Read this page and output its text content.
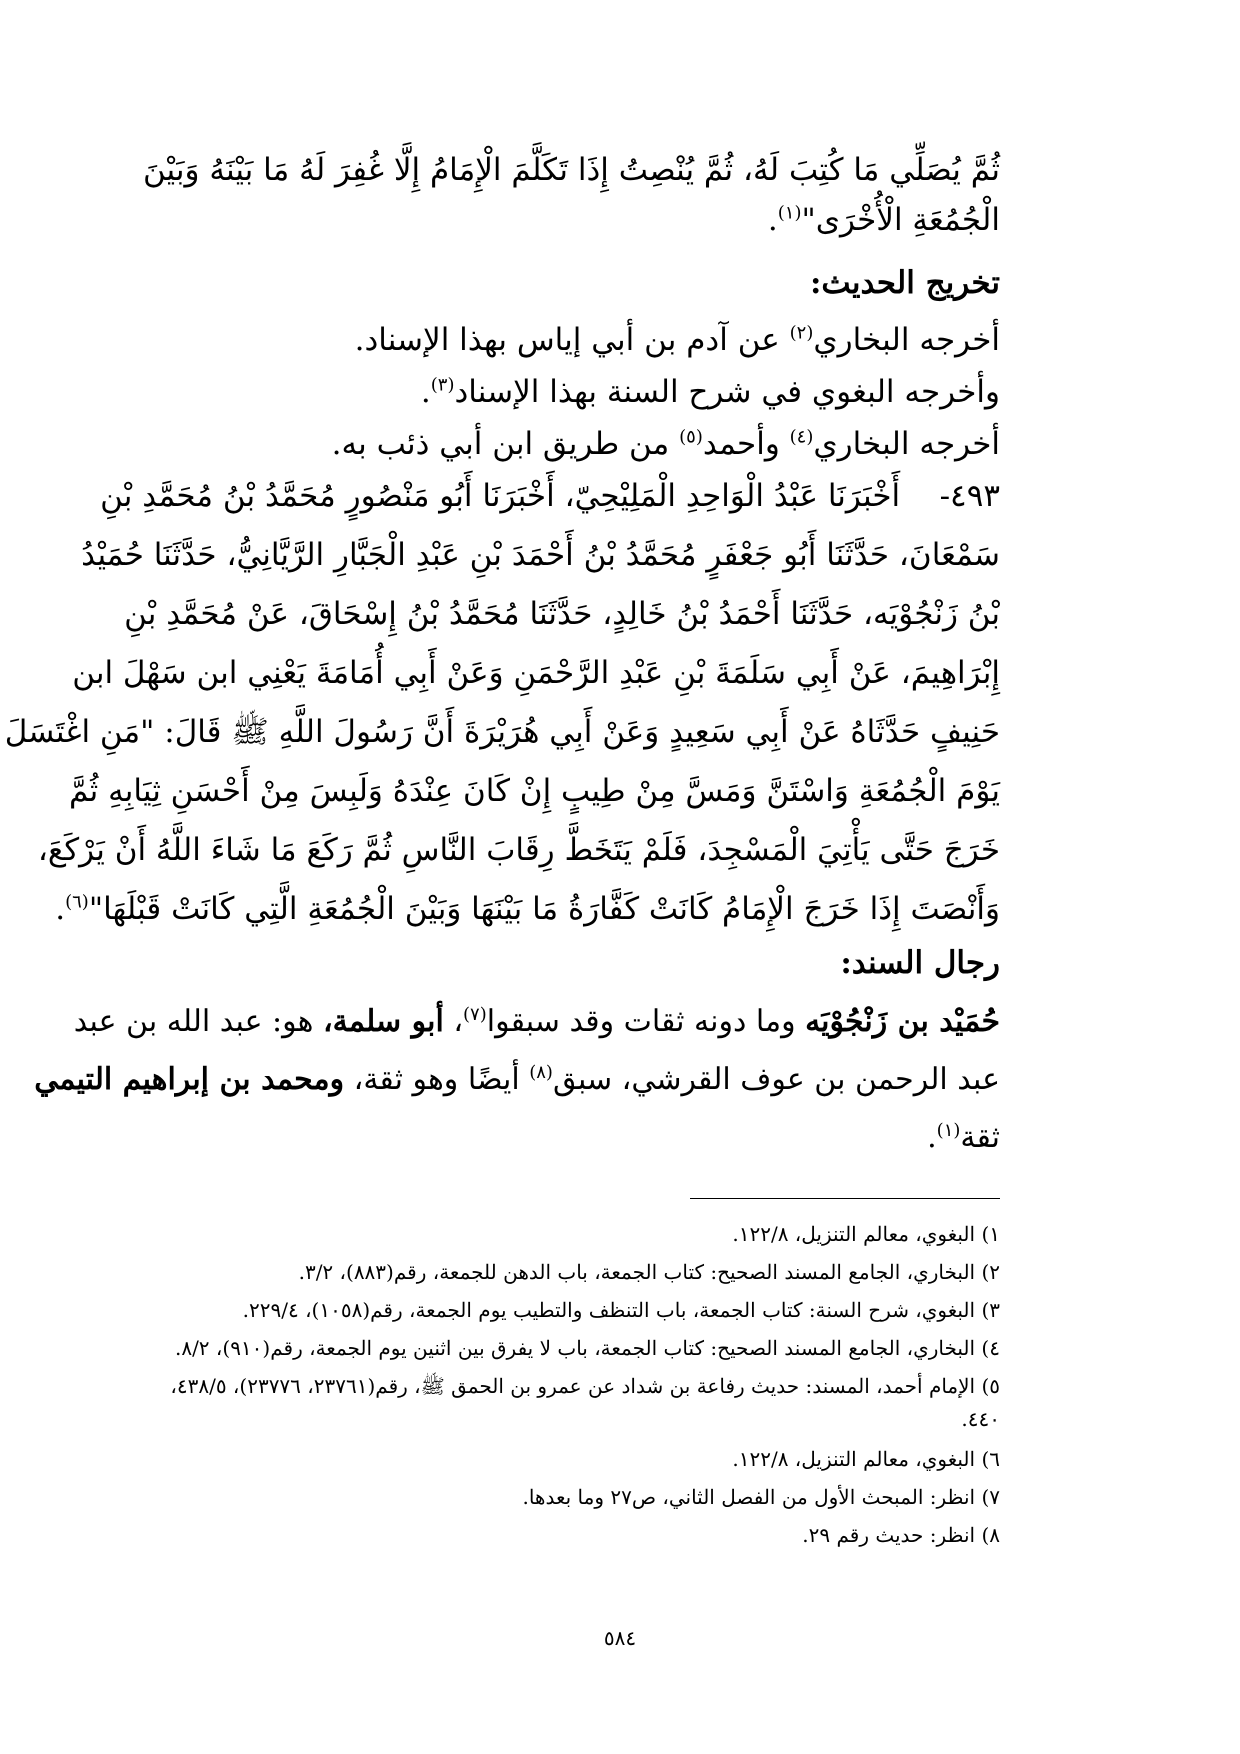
ثُمَّ يُصَلِّي مَا كُتِبَ لَهُ، ثُمَّ يُنْصِتُ إِذَا تَكَلَّمَ الْإِمَامُ إِلَّا غُفِرَ لَهُ مَا بَيْنَهُ وَبَيْنَ
الْجُمُعَةِ الْأُخْرَى"$^{(١)}$.
تخريج الحديث:
أخرجه البخاري$^{(٢)}$ عن آدم بن أبي إياس بهذا الإسناد.
وأخرجه البغوي في شرح السنة بهذا الإسناد$^{(٣)}$.
أخرجه البخاري$^{(٤)}$ وأحمد$^{(٥)}$ من طريق ابن أبي ذئب به.
٤٩٣-    أَخْبَرَنَا عَبْدُ الْوَاحِدِ الْمَلِيْحِيّ، أَخْبَرَنَا أَبُو مَنْصُورٍ مُحَمَّدُ بْنُ مُحَمَّدِ بْنِ
سَمْعَانَ، حَدَّثَنَا أَبُو جَعْفَرٍ مُحَمَّدُ بْنُ أَحْمَدَ بْنِ عَبْدِ الْجَبَّارِ الرَّيَّانِيُّ، حَدَّثَنَا حُمَيْدُ
بْنُ زَنْجُوْيَه، حَدَّثَنَا أَحْمَدُ بْنُ خَالِدٍ، حَدَّثَنَا مُحَمَّدُ بْنُ إِسْحَاقَ، عَنْ مُحَمَّدِ بْنِ
إِبْرَاهِيمَ، عَنْ أَبِي سَلَمَةَ بْنِ عَبْدِ الرَّحْمَنِ وَعَنْ أَبِي أُمَامَةَ يَعْنِي ابن سَهْلَ ابن
حَنِيفٍ حَدَّثَاهُ عَنْ أَبِي سَعِيدٍ وَعَنْ أَبِي هُرَيْرَةَ أَنَّ رَسُولَ اللَّهِ ﷺ قَالَ: "مَنِ اغْتَسَلَ
يَوْمَ الْجُمُعَةِ وَاسْتَنَّ وَمَسَّ مِنْ طِيبٍ إِنْ كَانَ عِنْدَهُ وَلَبِسَ مِنْ أَحْسَنِ ثِيَابِهِ ثُمَّ
خَرَجَ حَتَّى يَأْتِيَ الْمَسْجِدَ، فَلَمْ يَتَخَطَّ رِقَابَ النَّاسِ ثُمَّ رَكَعَ مَا شَاءَ اللَّهُ أَنْ يَرْكَعَ،
وَأَنْصَتَ إِذَا خَرَجَ الْإِمَامُ كَانَتْ كَفَّارَةُ مَا بَيْنَهَا وَبَيْنَ الْجُمُعَةِ الَّتِي كَانَتْ قَبْلَهَا"$^{(٦)}$.
رجال السند:
حُمَيْد بن زَنْجُوْيَه وما دونه ثقات وقد سبقوا$^{(٧)}$، أبو سلمة، هو: عبد الله بن عبد
عبد الرحمن بن عوف القرشي، سبق$^{(٨)}$ أيضًا وهو ثقة، ومحمد بن إبراهيم التيمي
ثقة$^{(١)}$.
١) البغوي، معالم التنزيل، ١٢٢/٨.
٢) البخاري، الجامع المسند الصحيح: كتاب الجمعة، باب الدهن للجمعة، رقم(٨٨٣)، ٣/٢.
٣) البغوي، شرح السنة: كتاب الجمعة، باب التنظف والتطيب يوم الجمعة، رقم(١٠٥٨)، ٢٢٩/٤.
٤) البخاري، الجامع المسند الصحيح: كتاب الجمعة، باب لا يفرق بين اثنين يوم الجمعة، رقم(٩١٠)، ٨/٢.
٥) الإمام أحمد، المسند: حديث رفاعة بن شداد عن عمرو بن الحمق ﷺ، رقم(٢٣٧٦١، ٢٣٧٧٦)، ٤٣٨/٥،
٤٤٠.
٦) البغوي، معالم التنزيل، ١٢٢/٨.
٧) انظر: المبحث الأول من الفصل الثاني، ص٢٧ وما بعدها.
٨) انظر: حديث رقم ٢٩.
٥٨٤
